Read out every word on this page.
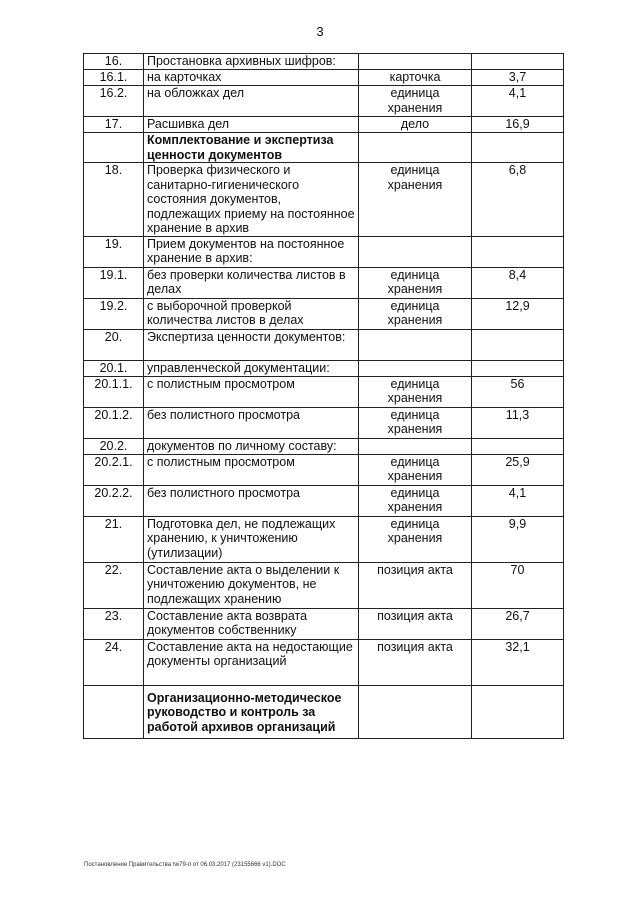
3
16.	Простановка архивных шифров:		
16.1.	на карточках	карточка	3,7
16.2.	на обложках дел	единица хранения	4,1
17.	Расшивка дел	дело	16,9
	Комплектование и экспертиза ценности документов		
18.	Проверка физического и санитарно-гигиенического состояния документов, подлежащих приему на постоянное хранение в архив	единица хранения	6,8
19.	Прием документов на постоянное хранение в архив:		
19.1.	без проверки количества листов в делах	единица хранения	8,4
19.2.	с выборочной проверкой количества листов в делах	единица хранения	12,9
20.	Экспертиза ценности документов:		
20.1.	управленческой документации:		
20.1.1.	с полистным просмотром	единица хранения	56
20.1.2.	без полистного просмотра	единица хранения	11,3
20.2.	документов по личному составу:		
20.2.1.	с полистным просмотром	единица хранения	25,9
20.2.2.	без полистного просмотра	единица хранения	4,1
21.	Подготовка дел, не подлежащих хранению, к уничтожению (утилизации)	единица хранения	9,9
22.	Составление акта о выделении к уничтожению документов, не подлежащих хранению	позиция акта	70
23.	Составление акта возврата документов собственнику	позиция акта	26,7
24.	Составление акта на недостающие документы организаций	позиция акта	32,1
	Организационно-методическое руководство и контроль за работой архивов организаций		
Постановление Правительства №79-п от 06.03.2017 (23155666 v1).DOC
